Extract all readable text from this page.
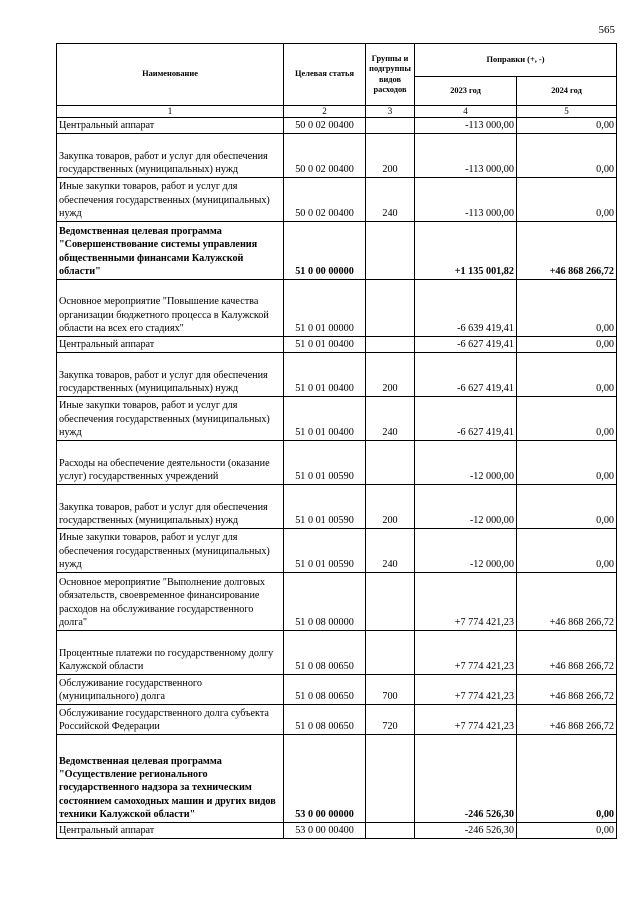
565
Наименование	Целевая статья	Группы и подгруппы видов расходов	Поправки (+, -)	
			2023 год	2024 год
1	2	3	4	5
Центральный аппарат	50 0 02 00400		-113 000,00	0,00
Закупка товаров, работ и услуг для обеспечения государственных (муниципальных) нужд	50 0 02 00400	200	-113 000,00	0,00
Иные закупки товаров, работ и услуг для обеспечения государственных (муниципальных) нужд	50 0 02 00400	240	-113 000,00	0,00
Ведомственная целевая программа "Совершенствование системы управления общественными финансами Калужской области"	51 0 00 00000		+1 135 001,82	+46 868 266,72
Основное мероприятие "Повышение качества организации бюджетного процесса в Калужской области на всех его стадиях"	51 0 01 00000		-6 639 419,41	0,00
Центральный аппарат	51 0 01 00400		-6 627 419,41	0,00
Закупка товаров, работ и услуг для обеспечения государственных (муниципальных) нужд	51 0 01 00400	200	-6 627 419,41	0,00
Иные закупки товаров, работ и услуг для обеспечения государственных (муниципальных) нужд	51 0 01 00400	240	-6 627 419,41	0,00
Расходы на обеспечение деятельности (оказание услуг) государственных учреждений	51 0 01 00590		-12 000,00	0,00
Закупка товаров, работ и услуг для обеспечения государственных (муниципальных) нужд	51 0 01 00590	200	-12 000,00	0,00
Иные закупки товаров, работ и услуг для обеспечения государственных (муниципальных) нужд	51 0 01 00590	240	-12 000,00	0,00
Основное мероприятие "Выполнение долговых обязательств, своевременное финансирование расходов на обслуживание государственного долга"	51 0 08 00000		+7 774 421,23	+46 868 266,72
Процентные платежи по государственному долгу Калужской области	51 0 08 00650		+7 774 421,23	+46 868 266,72
Обслуживание государственного (муниципального) долга	51 0 08 00650	700	+7 774 421,23	+46 868 266,72
Обслуживание государственного долга субъекта Российской Федерации	51 0 08 00650	720	+7 774 421,23	+46 868 266,72
Ведомственная целевая программа "Осуществление регионального государственного надзора за техническим состоянием самоходных машин и других видов техники Калужской области"	53 0 00 00000		-246 526,30	0,00
Центральный аппарат	53 0 00 00400		-246 526,30	0,00
